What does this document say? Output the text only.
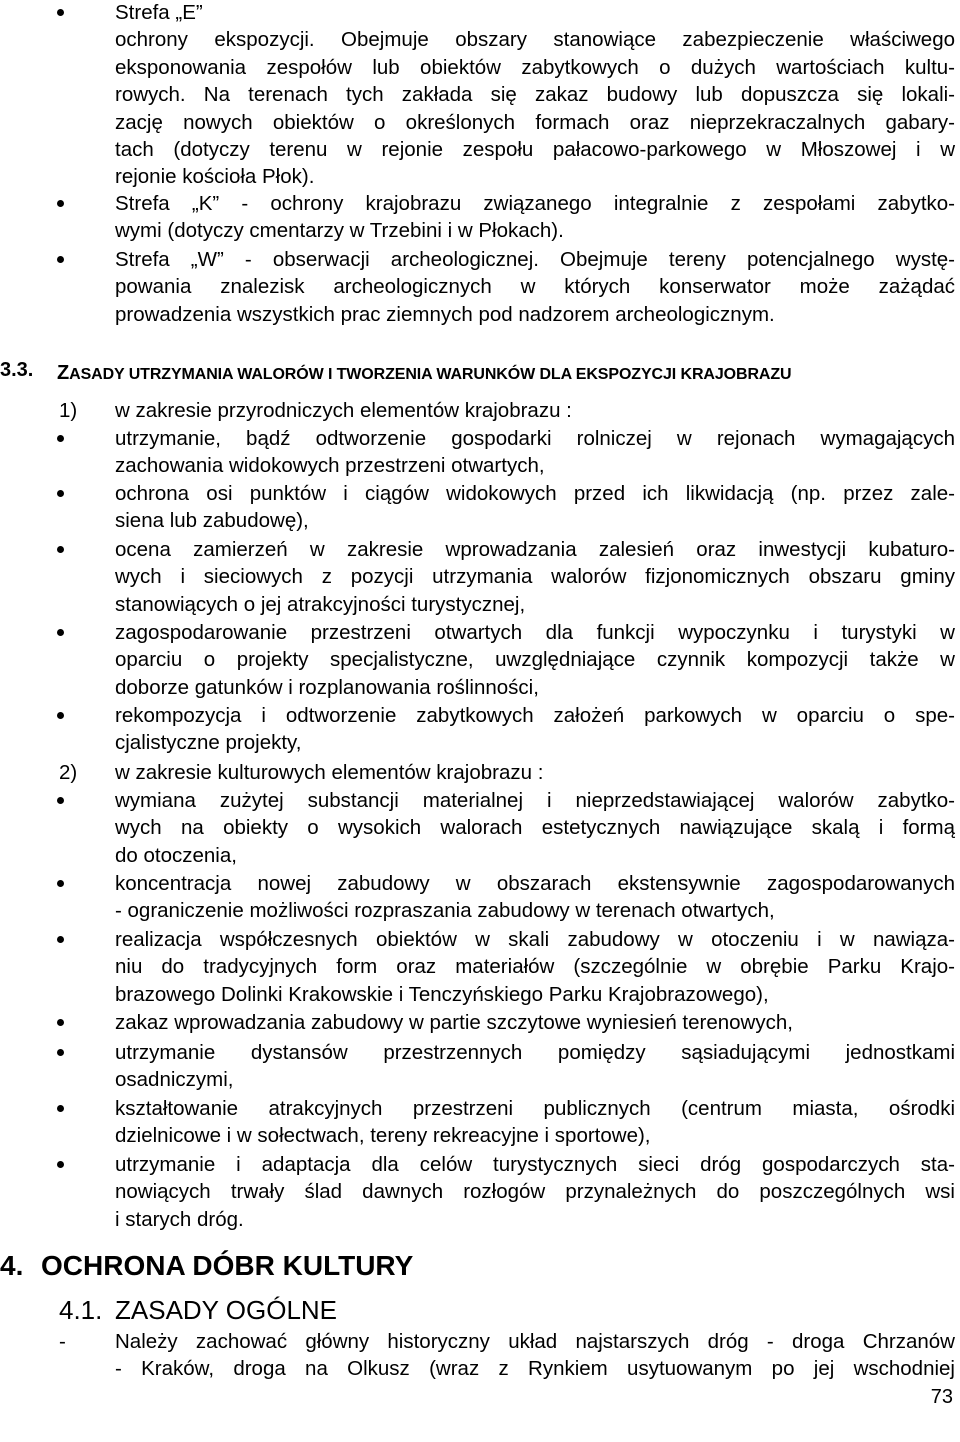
Strefa „E”
ochrony ekspozycji. Obejmuje obszary stanowiące zabezpieczenie właściwego
eksponowania zespołów lub obiektów zabytkowych o dużych wartościach kultu-
rowych. Na terenach tych zakłada się zakaz budowy lub dopuszcza się lokali-
zację nowych obiektów o określonych formach oraz nieprzekraczalnych gabary-
tach (dotyczy terenu w rejonie zespołu pałacowo-parkowego w Młoszowej i w
rejonie kościoła Płok).
Strefa „K” - ochrony krajobrazu związanego integralnie z zespołami zabytko-
wymi (dotyczy cmentarzy w Trzebini i w Płokach).
Strefa „W” - obserwacji archeologicznej. Obejmuje tereny potencjalnego wystę-
powania znalezisk archeologicznych w których konserwator może zażądać
prowadzenia wszystkich prac ziemnych pod nadzorem archeologicznym.
3.3. ZASADY UTRZYMANIA WALORÓW I TWORZENIA WARUNKÓW DLA EKSPOZYCJI KRAJOBRAZU
1) w zakresie przyrodniczych elementów krajobrazu :
utrzymanie, bądź odtworzenie gospodarki rolniczej w rejonach wymagających
zachowania widokowych przestrzeni otwartych,
ochrona osi punktów i ciągów widokowych przed ich likwidacją (np. przez zale-
siena lub zabudowę),
ocena zamierzeń w zakresie wprowadzania zalesień oraz inwestycji kubaturo-
wych i sieciowych z pozycji utrzymania walorów fizjonomicznych obszaru gminy
stanowiących o jej atrakcyjności turystycznej,
zagospodarowanie przestrzeni otwartych dla funkcji wypoczynku i turystyki w
oparciu o projekty specjalistyczne, uwzględniające czynnik kompozycji także w
doborze gatunków i rozplanowania roślinności,
rekompozycja i odtworzenie zabytkowych założeń parkowych w oparciu o spe-
cjalistyczne projekty,
2) w zakresie kulturowych elementów krajobrazu :
wymiana zużytej substancji materialnej i nieprzedstawiającej walorów zabytko-
wych na obiekty o wysokich walorach estetycznych nawiązujące skalą i formą
do otoczenia,
koncentracja nowej zabudowy w obszarach ekstensywnie zagospodarowanych
- ograniczenie możliwości rozpraszania zabudowy w terenach otwartych,
realizacja współczesnych obiektów w skali zabudowy w otoczeniu i w nawiąza-
niu do tradycyjnych form oraz materiałów (szczególnie w obrębie Parku Krajo-
brazowego Dolinki Krakowskie i Tenczyńskiego Parku Krajobrazowego),
zakaz wprowadzania zabudowy w partie szczytowe wyniesień terenowych,
utrzymanie dystansów przestrzennych pomiędzy sąsiadującymi jednostkami
osadniczymi,
kształtowanie atrakcyjnych przestrzeni publicznych (centrum miasta, ośrodki
dzielnicowe i w sołectwach, tereny rekreacyjne i sportowe),
utrzymanie i adaptacja dla celów turystycznych sieci dróg gospodarczych sta-
nowiących trwały ślad dawnych rozłogów przynależnych do poszczególnych wsi
i starych dróg.
4. OCHRONA DÓBR KULTURY
4.1. ZASADY OGÓLNE
- Należy zachować główny historyczny układ najstarszych dróg - droga Chrzanów
- Kraków, droga na Olkusz (wraz z Rynkiem usytuowanym po jej wschodniej
73
